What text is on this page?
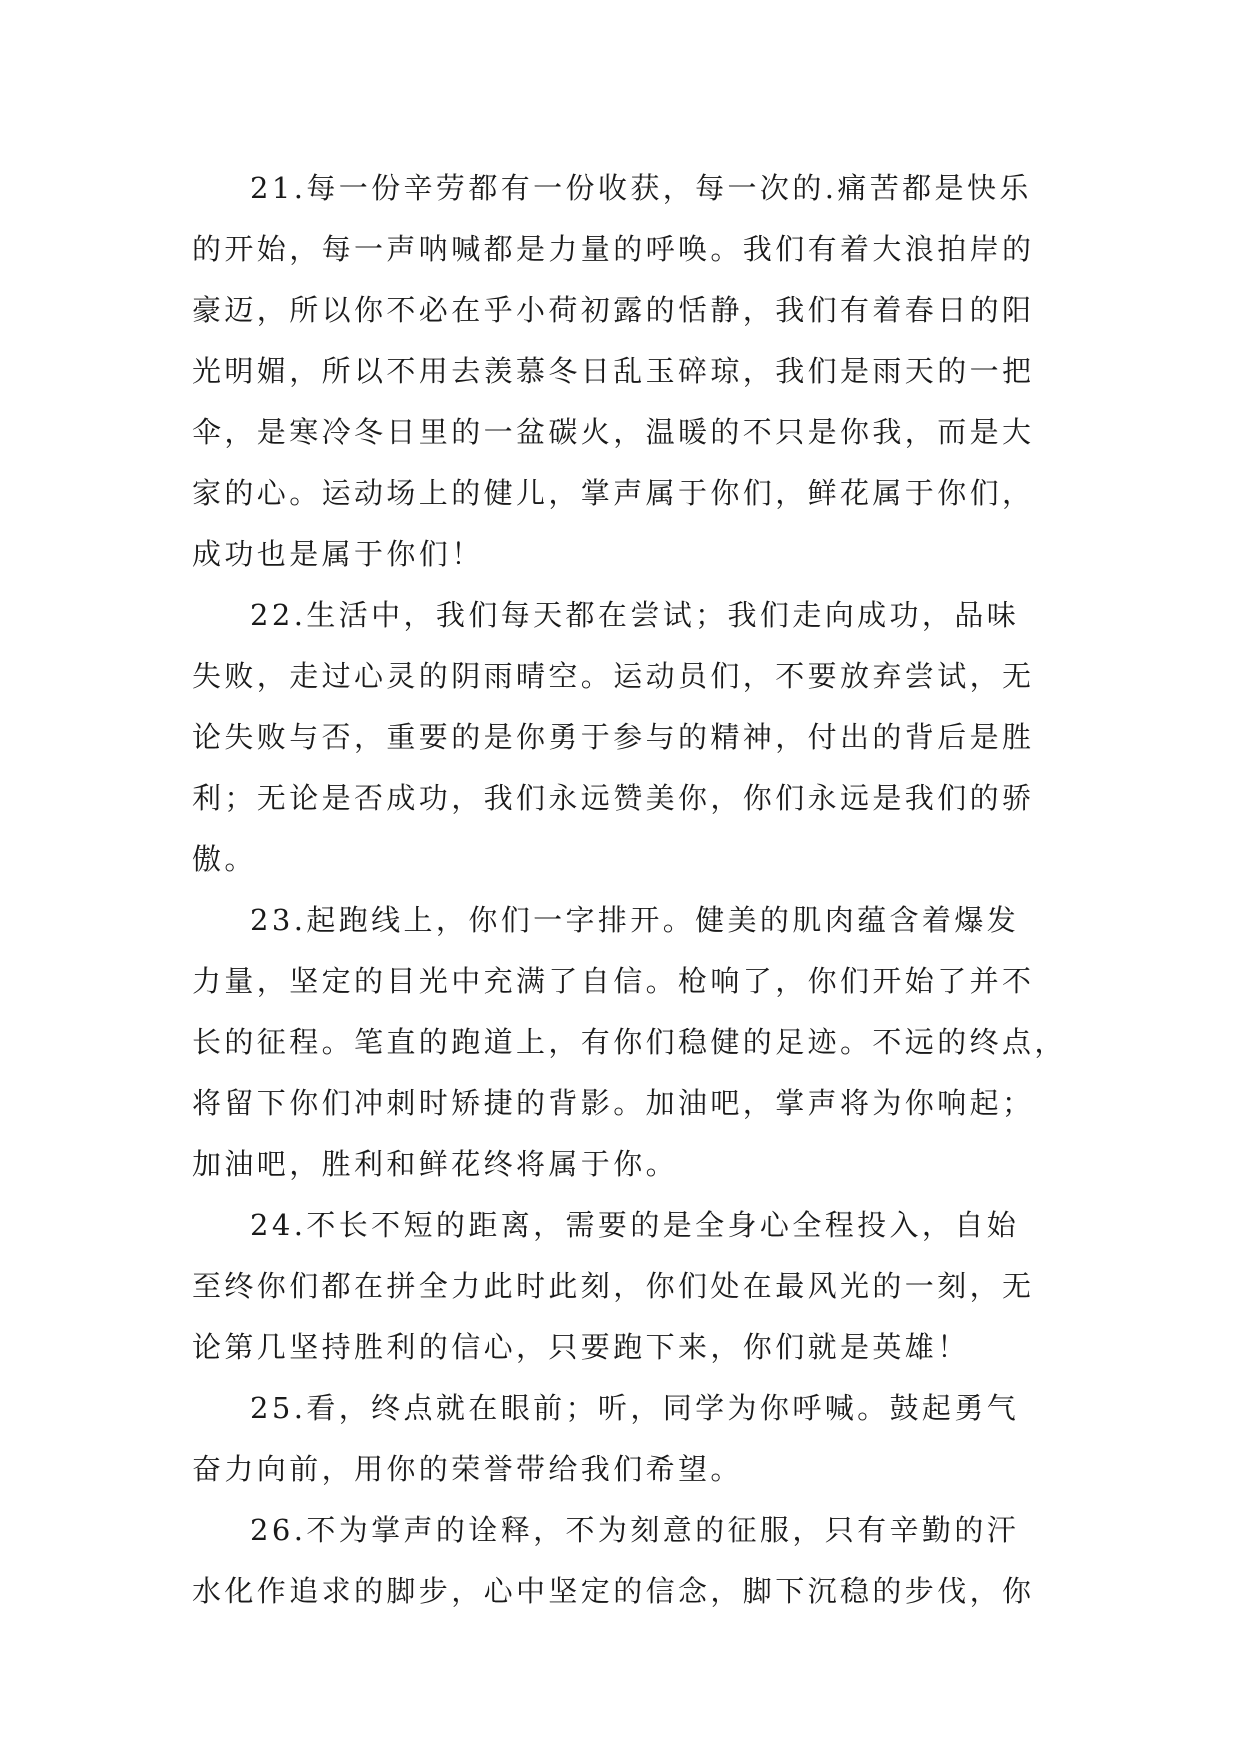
21.每一份辛劳都有一份收获，每一次的.痛苦都是快乐
的开始，每一声呐喊都是力量的呼唤。我们有着大浪拍岸的
豪迈，所以你不必在乎小荷初露的恬静，我们有着春日的阳
光明媚，所以不用去羡慕冬日乱玉碎琼，我们是雨天的一把
伞，是寒冷冬日里的一盆碳火，温暖的不只是你我，而是大
家的心。运动场上的健儿，掌声属于你们，鲜花属于你们，
成功也是属于你们！
22.生活中，我们每天都在尝试；我们走向成功，品味
失败，走过心灵的阴雨晴空。运动员们，不要放弃尝试，无
论失败与否，重要的是你勇于参与的精神，付出的背后是胜
利；无论是否成功，我们永远赞美你，你们永远是我们的骄
傲。
23.起跑线上，你们一字排开。健美的肌肉蕴含着爆发
力量，坚定的目光中充满了自信。枪响了，你们开始了并不
长的征程。笔直的跑道上，有你们稳健的足迹。不远的终点，
将留下你们冲刺时矫捷的背影。加油吧，掌声将为你响起；
加油吧，胜利和鲜花终将属于你。
24.不长不短的距离，需要的是全身心全程投入，自始
至终你们都在拼全力此时此刻，你们处在最风光的一刻，无
论第几坚持胜利的信心，只要跑下来，你们就是英雄！
25.看，终点就在眼前；听，同学为你呼喊。鼓起勇气
奋力向前，用你的荣誉带给我们希望。
26.不为掌声的诠释，不为刻意的征服，只有辛勤的汗
水化作追求的脚步，心中坚定的信念，脚下沉稳的步伐，你
